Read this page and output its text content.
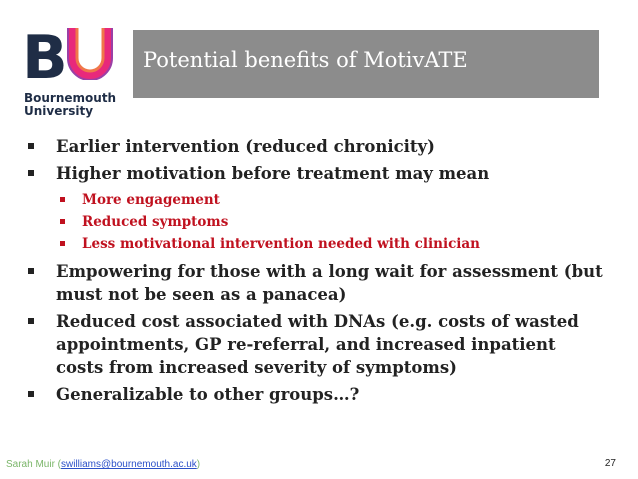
B
Bournemouth
University
Potential benefits of MotivATE
Earlier intervention (reduced chronicity)
Higher motivation before treatment may mean
More engagement
Reduced symptoms
Less motivational intervention needed with clinician
Empowering for those with a long wait for assessment (but must not be seen as a panacea)
Reduced cost associated with DNAs (e.g. costs of wasted appointments, GP re-referral, and increased inpatient costs from increased severity of symptoms)
Generalizable to other groups…?
Sarah Muir (swilliams@bournemouth.ac.uk)	27
